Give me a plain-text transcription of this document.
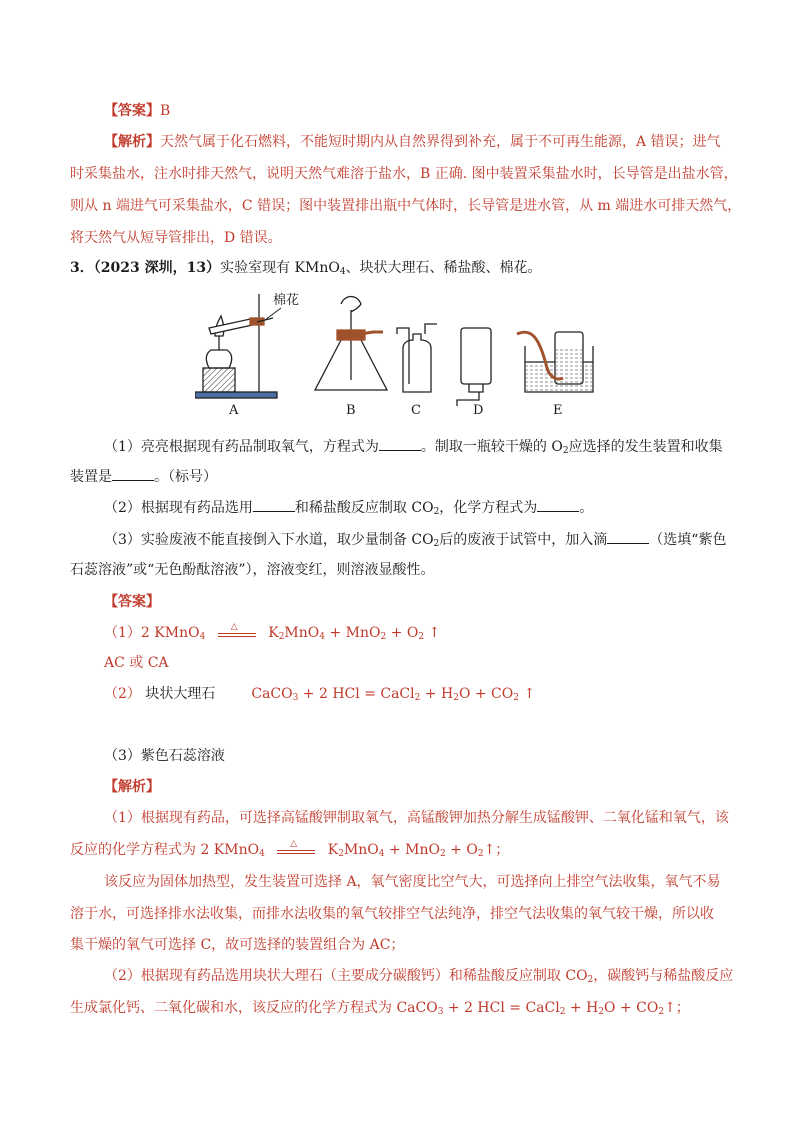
【答案】B
【解析】天然气属于化石燃料，不能短时期内从自然界得到补充，属于不可再生能源，A 错误；进气
时采集盐水，注水时排天然气，说明天然气难溶于盐水，B 正确. 图中装置采集盐水时，长导管是出盐水管，
则从 n 端进气可采集盐水，C 错误；图中装置排出瓶中气体时，长导管是进水管，从 m 端进水可排天然气，
将天然气从短导管排出，D 错误。
3．（2023 深圳，13）实验室现有 KMnO$_4$、块状大理石、稀盐酸、棉花。
棉花
A	B	C	D	E
（1）亮亮根据现有药品制取氧气，方程式为	。制取一瓶较干燥的 $O_2$应选择的发生装置和收集
装置是	。（标号）
（2）根据现有药品选用	和稀盐酸反应制取 $CO_2$，化学方程式为	。
（3）实验废液不能直接倒入下水道，取少量制备 $CO_2$后的废液于试管中，加入滴	（选填“紫色
石蕊溶液”或“无色酚酞溶液”），溶液变红，则溶液显酸性。
【答案】
（1）2 KMnO$_4$
△ $K_2MnO_4 + MnO_2 + O_2$ ↑
AC 或 CA
（2） 块状大理石	CaCO$_3$ + 2 HCl = CaCl$_2$ + $H_2O + CO_2$ ↑
（3）紫色石蕊溶液
【解析】
（1）根据现有药品，可选择高锰酸钾制取氧气，高锰酸钾加热分解生成锰酸钾、二氧化锰和氧气，该
反应的化学方程式为 2 KMnO$_4$
△ $K_2MnO_4 + MnO_2$ + $O_2↑$；
该反应为固体加热型，发生装置可选择 A，氧气密度比空气大，可选择向上排空气法收集，氧气不易
溶于水，可选择排水法收集，而排水法收集的氧气较排空气法纯净，排空气法收集的氧气较干燥，所以收
集干燥的氧气可选择 C，故可选择的装置组合为 AC；
（2）根据现有药品选用块状大理石（主要成分碳酸钙）和稀盐酸反应制取 $CO_2$，碳酸钙与稀盐酸反应
生成氯化钙、二氧化碳和水，该反应的化学方程式为 CaCO$_3$ + 2 HCl = CaCl$_2$ + $H_2O$ + $CO_2↑$；
